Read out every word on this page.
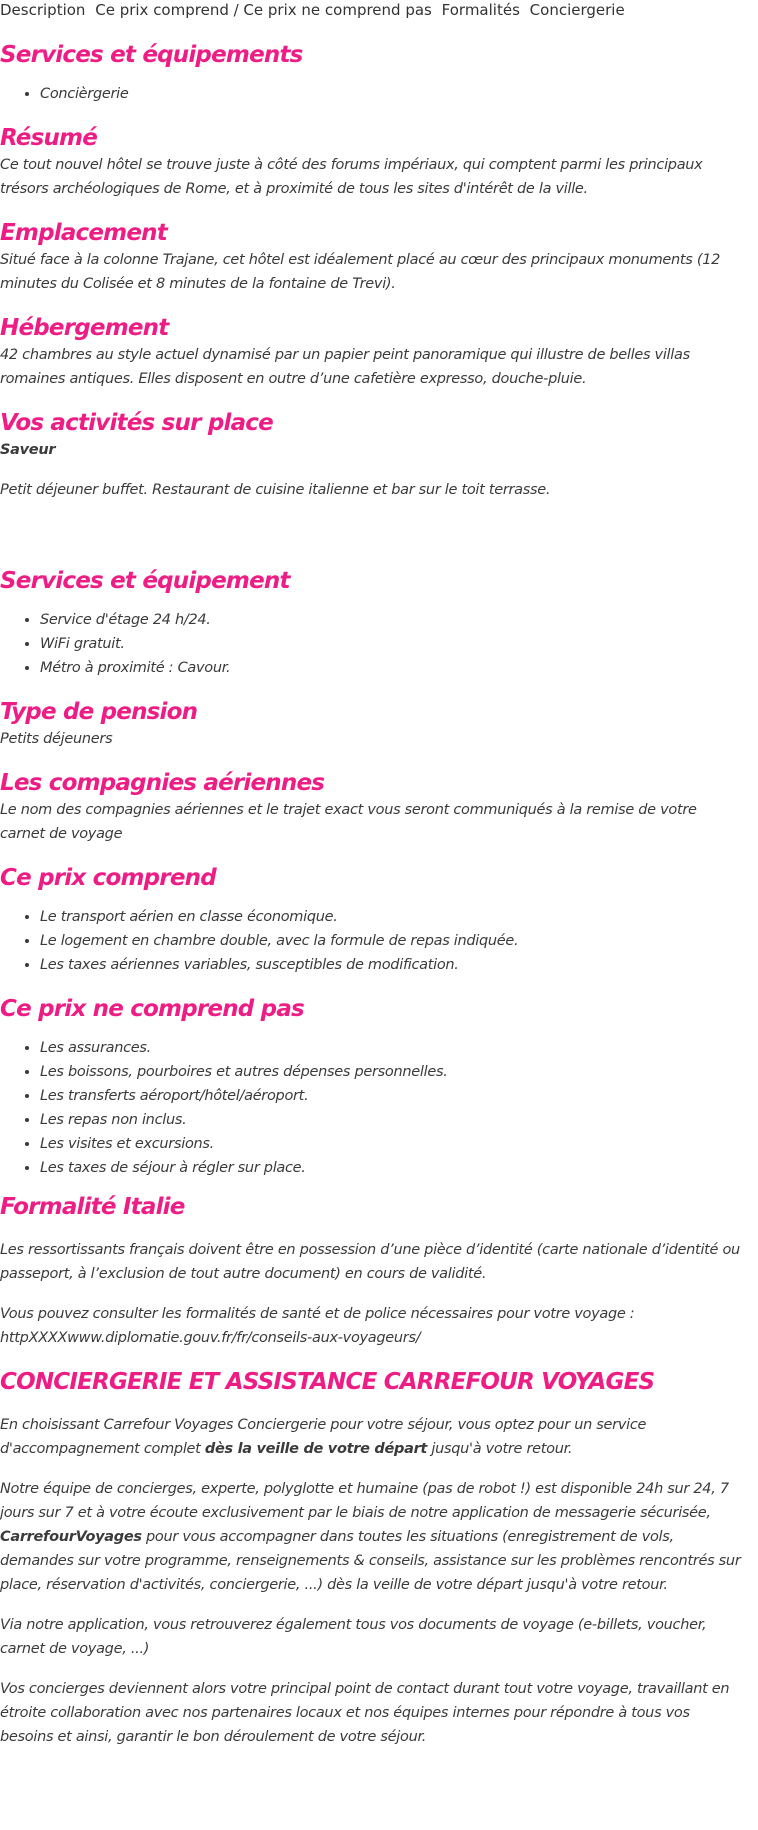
Description Ce prix comprend / Ce prix ne comprend pas Formalités Conciergerie
Services et équipements
• Concièrgerie
Résumé

Ce tout nouvel hôtel se trouve juste à côté des forums impériaux, qui comptent parmi les principaux trésors archéologiques de Rome, et à proximité de tous les sites d'intérêt de la ville.

Emplacement

Situé face à la colonne Trajane, cet hôtel est idéalement placé au cœur des principaux monuments (12 minutes du Colisée et 8 minutes de la fontaine de Trevi).

Hébergement

42 chambres au style actuel dynamisé par un papier peint panoramique qui illustre de belles villas romaines antiques. Elles disposent en outre d’une cafetière expresso, douche-pluie.

Vos activités sur place

Saveur

Petit déjeuner buffet. Restaurant de cuisine italienne et bar sur le toit terrasse.

Services et équipement
• Service d'étage 24 h/24.
• WiFi gratuit.
• Métro à proximité : Cavour.
Type de pension

Petits déjeuners

Les compagnies aériennes

Le nom des compagnies aériennes et le trajet exact vous seront communiqués à la remise de votre carnet de voyage

Ce prix comprend
• Le transport aérien en classe économique.
• Le logement en chambre double, avec la formule de repas indiquée.
• Les taxes aériennes variables, susceptibles de modification.
Ce prix ne comprend pas
• Les assurances.
• Les boissons, pourboires et autres dépenses personnelles.
• Les transferts aéroport/hôtel/aéroport.
• Les repas non inclus.
• Les visites et excursions.
• Les taxes de séjour à régler sur place.
Formalité Italie

Les ressortissants français doivent être en possession d’une pièce d’identité (carte nationale d’identité ou passeport, à l’exclusion de tout autre document) en cours de validité.

Vous pouvez consulter les formalités de santé et de police nécessaires pour votre voyage :

httpXXXXwww.diplomatie.gouv.fr/fr/conseils-aux-voyageurs/

CONCIERGERIE ET ASSISTANCE CARREFOUR VOYAGES

En choisissant Carrefour Voyages Conciergerie pour votre séjour, vous optez pour un service d'accompagnement complet dès la veille de votre départ jusqu'à votre retour.

Notre équipe de concierges, experte, polyglotte et humaine (pas de robot !) est disponible 24h sur 24, 7 jours sur 7 et à votre écoute exclusivement par le biais de notre application de messagerie sécurisée, CarrefourVoyages pour vous accompagner dans toutes les situations (enregistrement de vols, demandes sur votre programme, renseignements & conseils, assistance sur les problèmes rencontrés sur place, réservation d'activités, conciergerie, ...) dès la veille de votre départ jusqu'à votre retour.

Via notre application, vous retrouverez également tous vos documents de voyage (e-billets, voucher, carnet de voyage, ...)

Vos concierges deviennent alors votre principal point de contact durant tout votre voyage, travaillant en étroite collaboration avec nos partenaires locaux et nos équipes internes pour répondre à tous vos besoins et ainsi, garantir le bon déroulement de votre séjour.
